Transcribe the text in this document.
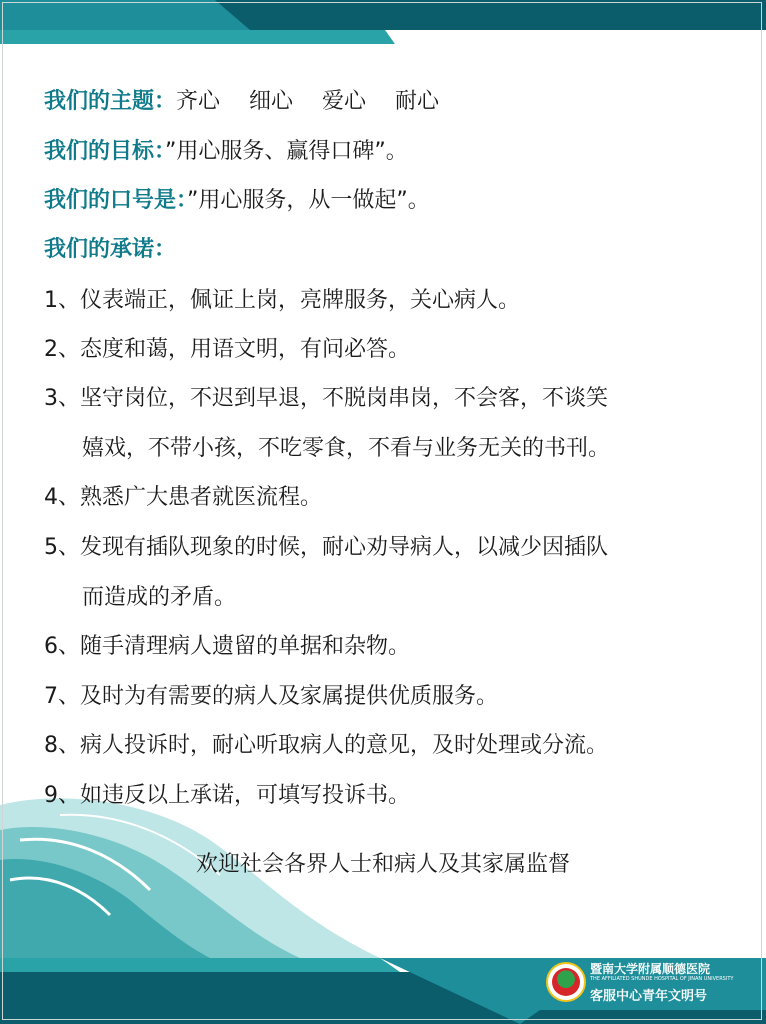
我们的主题：齐心　 细心 　爱心 　耐心
我们的目标：”用心服务、赢得口碑”。
我们的口号是：”用心服务，从一做起”。
我们的承诺：
1、仪表端正，佩证上岗，亮牌服务，关心病人。
2、态度和蔼，用语文明，有问必答。
3、坚守岗位，不迟到早退，不脱岗串岗，不会客，不谈笑
嬉戏，不带小孩，不吃零食，不看与业务无关的书刊。
4、熟悉广大患者就医流程。
5、发现有插队现象的时候，耐心劝导病人，以减少因插队
而造成的矛盾。
6、随手清理病人遗留的单据和杂物。
7、及时为有需要的病人及家属提供优质服务。
8、病人投诉时，耐心听取病人的意见，及时处理或分流。
9、如违反以上承诺，可填写投诉书。
欢迎社会各界人士和病人及其家属监督
暨南大学附属顺德医院
THE AFFILIATED SHUNDE HOSPITAL OF JINAN UNIVERSITY
客服中心青年文明号
